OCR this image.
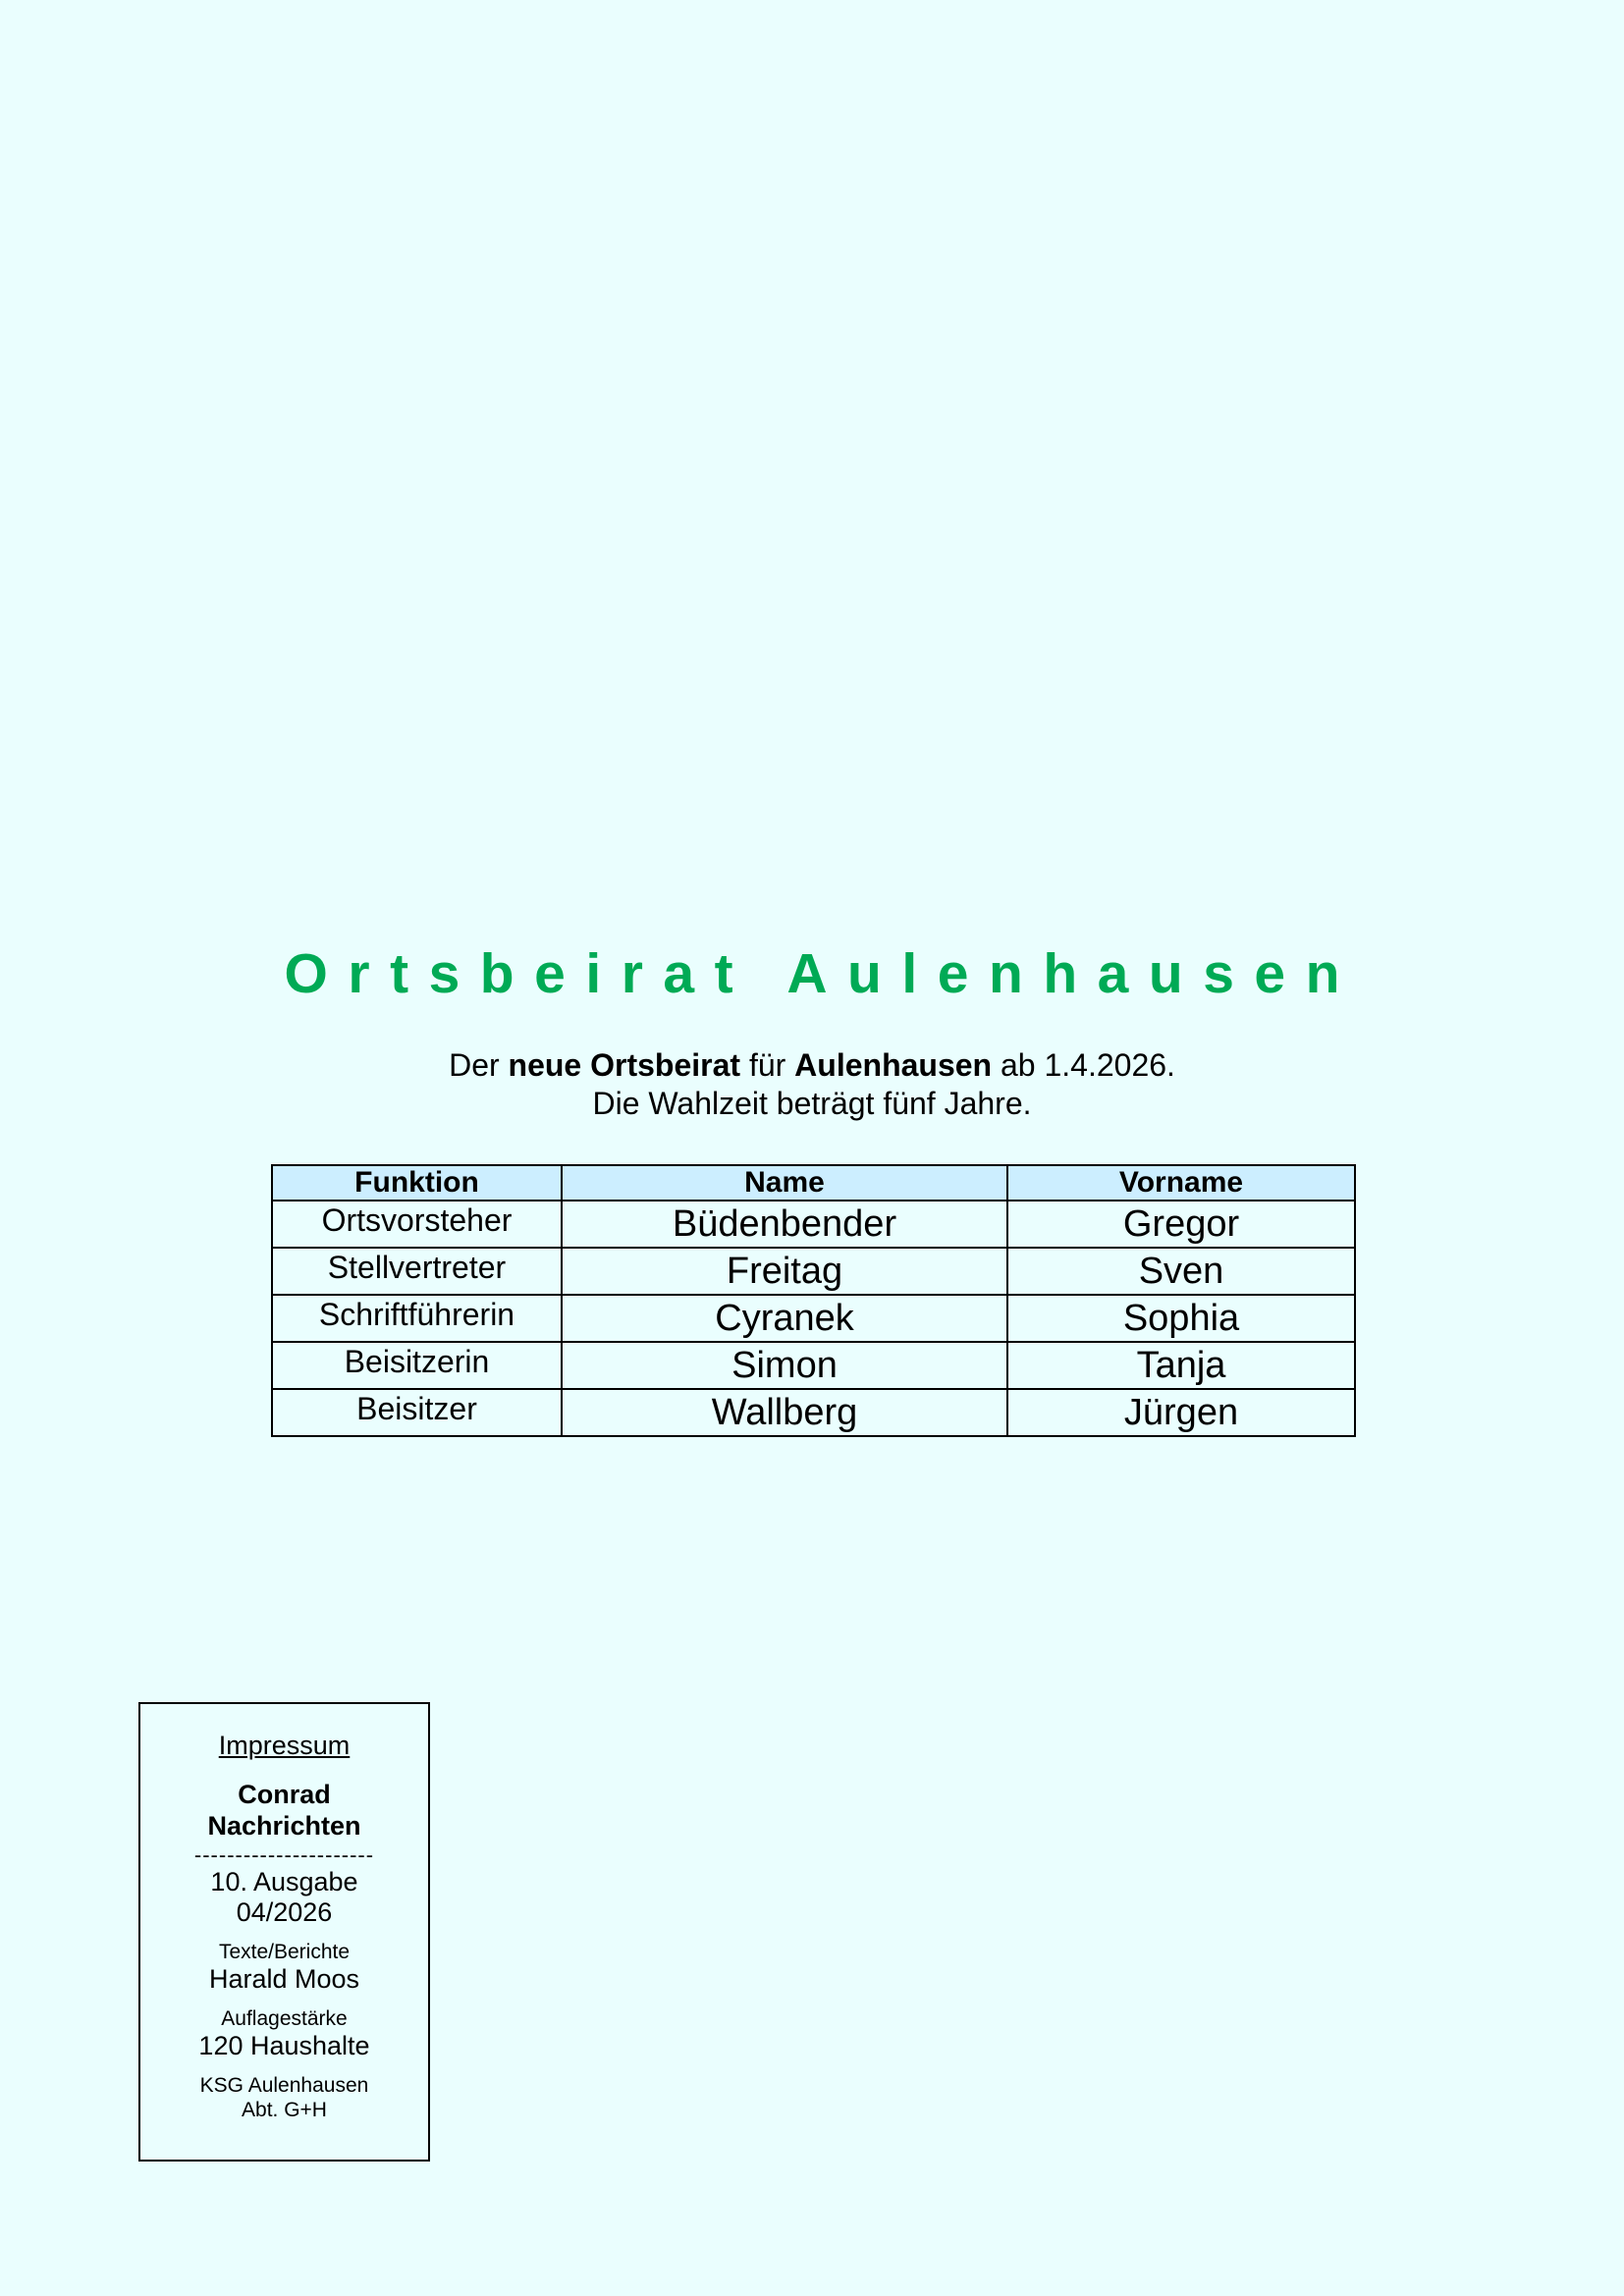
Ortsbeirat Aulenhausen
Der neue Ortsbeirat für Aulenhausen ab 1.4.2026.
Die Wahlzeit beträgt fünf Jahre.
Funktion	Name	Vorname
Ortsvorsteher	Büdenbender	Gregor
Stellvertreter	Freitag	Sven
Schriftführerin	Cyranek	Sophia
Beisitzerin	Simon	Tanja
Beisitzer	Wallberg	Jürgen
Impressum
Conrad
Nachrichten
----------------------
10. Ausgabe
04/2026
Texte/Berichte
Harald Moos
Auflagestärke
120 Haushalte
KSG Aulenhausen
Abt. G+H
